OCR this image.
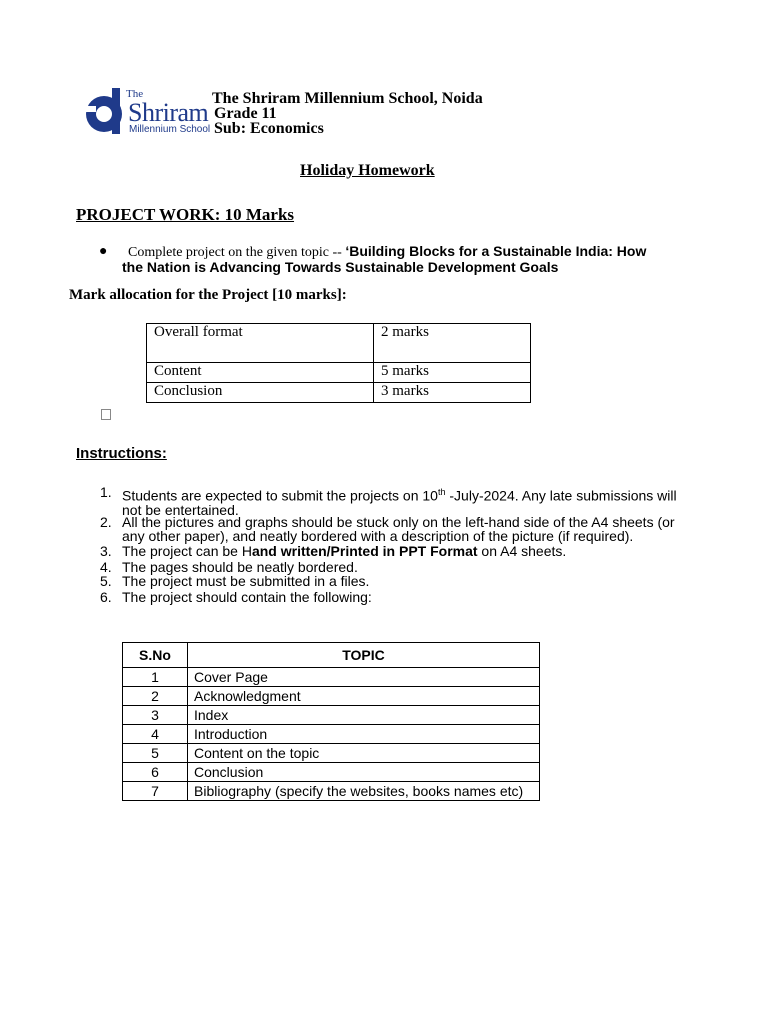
The
Shriram
Millennium School
The Shriram Millennium School, Noida
Grade 11
Sub: Economics
Holiday Homework
PROJECT WORK: 10 Marks
● Complete project on the given topic -- ‘Building Blocks for a Sustainable India: How
the Nation is Advancing Towards Sustainable Development Goals
Mark allocation for the Project [10 marks]:
Overall format	2 marks
Content	5 marks
Conclusion	3 marks
Instructions:
1. Students are expected to submit the projects on 10th -July-2024. Any late submissions will
not be entertained.
2. All the pictures and graphs should be stuck only on the left-hand side of the A4 sheets (or
any other paper), and neatly bordered with a description of the picture (if required).
3. The project can be Hand written/Printed in PPT Format on A4 sheets.
4. The pages should be neatly bordered.
5. The project must be submitted in a files.
6. The project should contain the following:
S.No	TOPIC
1	Cover Page
2	Acknowledgment
3	Index
4	Introduction
5	Content on the topic
6	Conclusion
7	Bibliography (specify the websites, books names etc)
